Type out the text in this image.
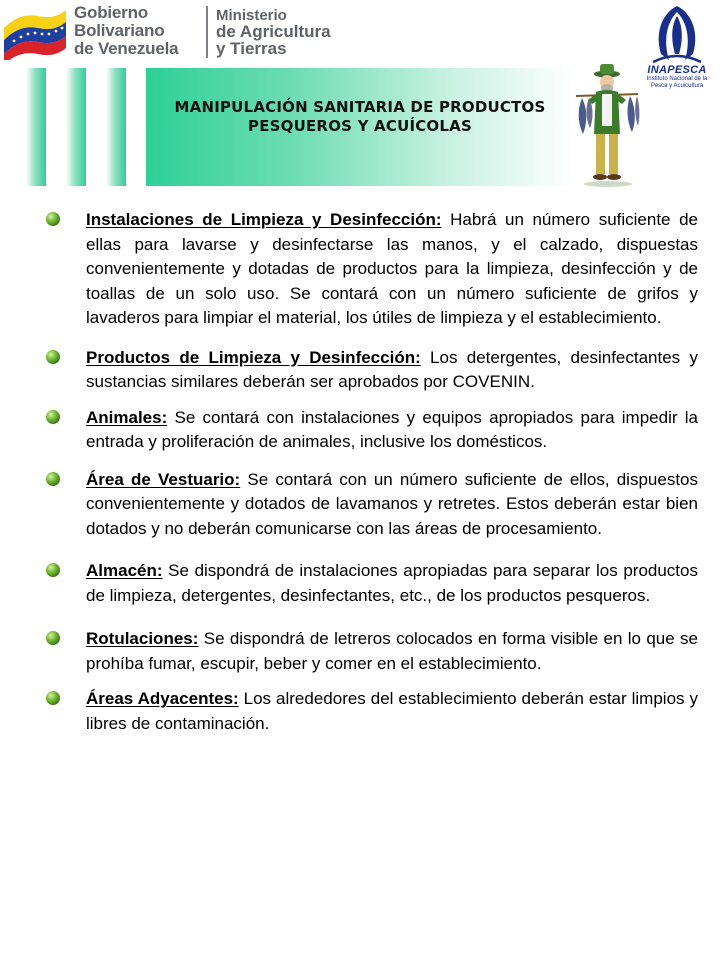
Gobierno
Bolivariano
de Venezuela
Ministerio
de Agricultura
y Tierras
INAPESCA
Instituto Nacional de la
Pesca y Acuicultura
MANIPULACIÓN SANITARIA DE PRODUCTOS PESQUEROS Y ACUÍCOLAS
Instalaciones de Limpieza y Desinfección: Habrá un número suficiente de ellas para lavarse y desinfectarse las manos, y el calzado, dispuestas convenientemente y dotadas de productos para la limpieza, desinfección y de toallas de un solo uso. Se contará con un número suficiente de grifos y lavaderos para limpiar el material, los útiles de limpieza y el establecimiento.
Productos de Limpieza y Desinfección: Los detergentes, desinfectantes y sustancias similares deberán ser aprobados por COVENIN.
Animales: Se contará con instalaciones y equipos apropiados para impedir la entrada y proliferación de animales, inclusive los domésticos.
Área de Vestuario: Se contará con un número suficiente de ellos, dispuestos convenientemente y dotados de lavamanos y retretes. Estos deberán estar bien dotados y no deberán comunicarse con las áreas de procesamiento.
Almacén: Se dispondrá de instalaciones apropiadas para separar los productos de limpieza, detergentes, desinfectantes, etc., de los productos pesqueros.
Rotulaciones: Se dispondrá de letreros colocados en forma visible en lo que se prohíba fumar, escupir, beber y comer en el establecimiento.
Áreas Adyacentes: Los alrededores del establecimiento deberán estar limpios y libres de contaminación.
